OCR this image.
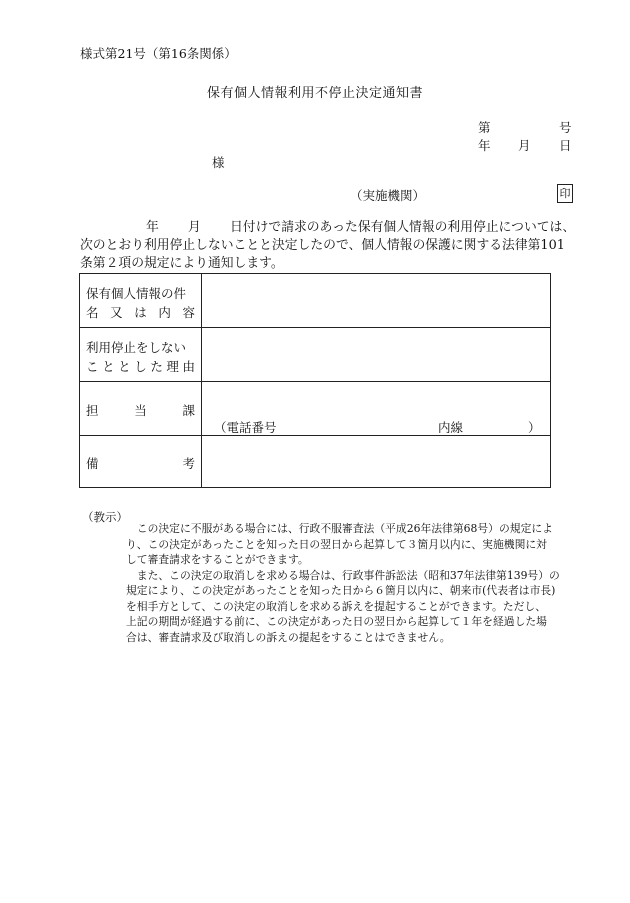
様式第21号（第16条関係）
保有個人情報利用不停止決定通知書
第	号
年 月 日
様
（実施機関）	印
年 月 日付けで請求のあった保有個人情報の利用停止については、
次のとおり利用停止しないことと決定したので、個人情報の保護に関する法律第101
条第２項の規定により通知します。
保有個人情報の件
名 又 は 内 容
利用停止をしない
こ と と し た 理 由
担	当	課
（電話番号	内線	）
備	考
（教示）
　この決定に不服がある場合には、行政不服審査法（平成26年法律第68号）の規定によ
り、この決定があったことを知った日の翌日から起算して３箇月以内に、実施機関に対
して審査請求をすることができます。
　また、この決定の取消しを求める場合は、行政事件訴訟法（昭和37年法律第139号）の
規定により、この決定があったことを知った日から６箇月以内に、朝来市(代表者は市長)
を相手方として、この決定の取消しを求める訴えを提起することができます。ただし、
上記の期間が経過する前に、この決定があった日の翌日から起算して１年を経過した場
合は、審査請求及び取消しの訴えの提起をすることはできません。
